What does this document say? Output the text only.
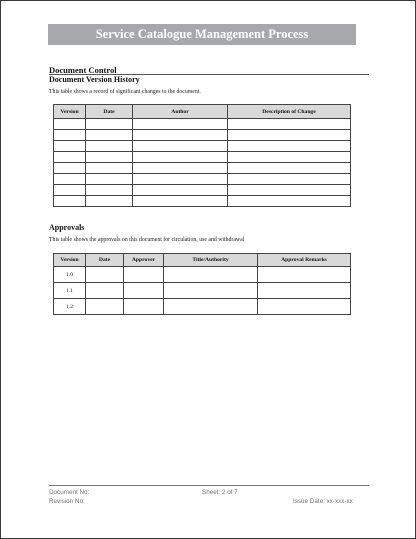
Service Catalogue Management Process
Document Control
Document Version History
This table shows a record of significant changes to the document.
Version	Date	Author	Description of Change

Approvals
This table shows the approvals on this document for circulation, use and withdrawal
Version	Date	Approver	Title/Authority	Approval Remarks
1.0				
1.1				
1.2				
Document No:
Revision No:
Sheet: 2 of 7
Issue Date: xx-xxx-xx
